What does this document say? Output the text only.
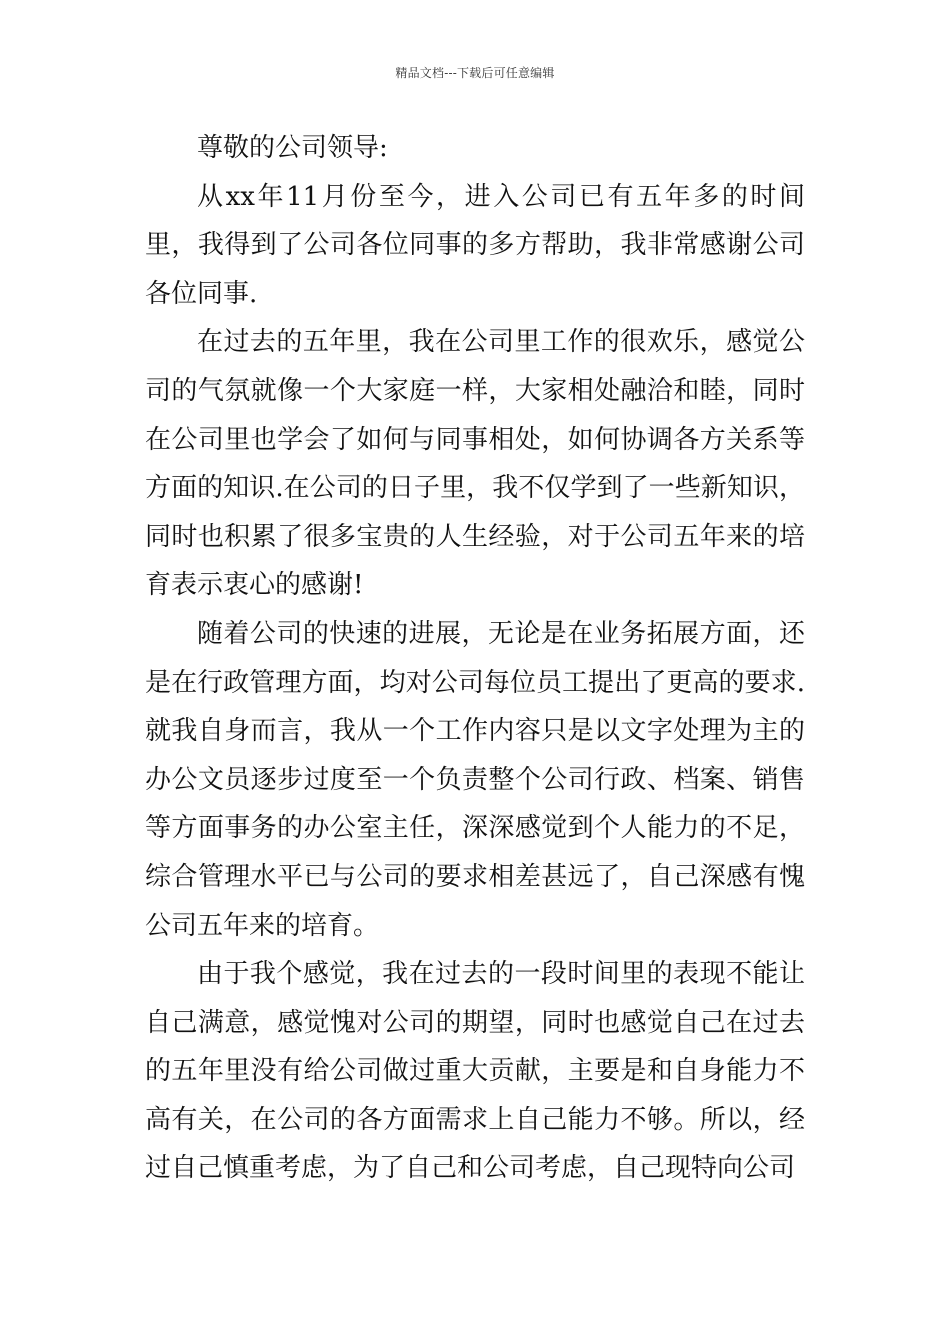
精品文档---下载后可任意编辑

尊敬的公司领导:

从xx年11月份至今，进入公司已有五年多的时间里，我得到了公司各位同事的多方帮助，我非常感谢公司各位同事.

在过去的五年里，我在公司里工作的很欢乐，感觉公司的气氛就像一个大家庭一样，大家相处融洽和睦，同时在公司里也学会了如何与同事相处，如何协调各方关系等方面的知识.在公司的日子里，我不仅学到了一些新知识，同时也积累了很多宝贵的人生经验，对于公司五年来的培育表示衷心的感谢!

随着公司的快速的进展，无论是在业务拓展方面，还是在行政管理方面，均对公司每位员工提出了更高的要求.就我自身而言，我从一个工作内容只是以文字处理为主的办公文员逐步过度至一个负责整个公司行政、档案、销售等方面事务的办公室主任，深深感觉到个人能力的不足，综合管理水平已与公司的要求相差甚远了，自己深感有愧公司五年来的培育。

由于我个感觉，我在过去的一段时间里的表现不能让自己满意，感觉愧对公司的期望，同时也感觉自己在过去的五年里没有给公司做过重大贡献，主要是和自身能力不高有关，在公司的各方面需求上自己能力不够。所以，经过自己慎重考虑，为了自己和公司考虑，自己现特向公司
